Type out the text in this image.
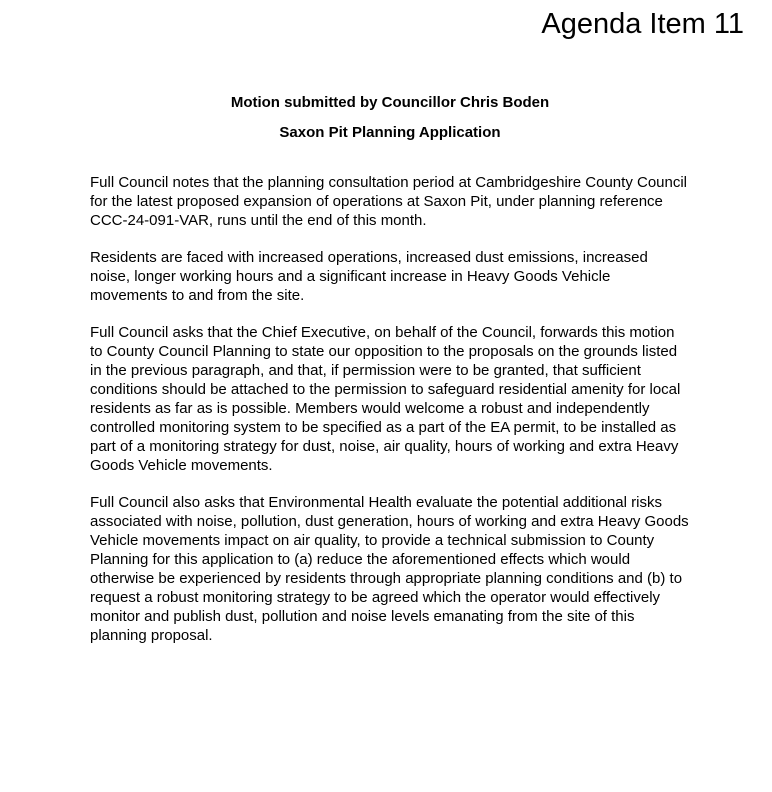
Agenda Item 11
Motion submitted by Councillor Chris Boden
Saxon Pit Planning Application

Full Council notes that the planning consultation period at Cambridgeshire County Council for the latest proposed expansion of operations at Saxon Pit, under planning reference CCC-24-091-VAR, runs until the end of this month.

Residents are faced with increased operations, increased dust emissions, increased noise, longer working hours and a significant increase in Heavy Goods Vehicle movements to and from the site.

Full Council asks that the Chief Executive, on behalf of the Council, forwards this motion to County Council Planning to state our opposition to the proposals on the grounds listed in the previous paragraph, and that, if permission were to be granted, that sufficient conditions should be attached to the permission to safeguard residential amenity for local residents as far as is possible. Members would welcome a robust and independently controlled monitoring system to be specified as a part of the EA permit, to be installed as part of a monitoring strategy for dust, noise, air quality, hours of working and extra Heavy Goods Vehicle movements.

Full Council also asks that Environmental Health evaluate the potential additional risks associated with noise, pollution, dust generation, hours of working and extra Heavy Goods Vehicle movements impact on air quality, to provide a technical submission to County Planning for this application to (a) reduce the aforementioned effects which would otherwise be experienced by residents through appropriate planning conditions and (b) to request a robust monitoring strategy to be agreed which the operator would effectively monitor and publish dust, pollution and noise levels emanating from the site of this planning proposal.
